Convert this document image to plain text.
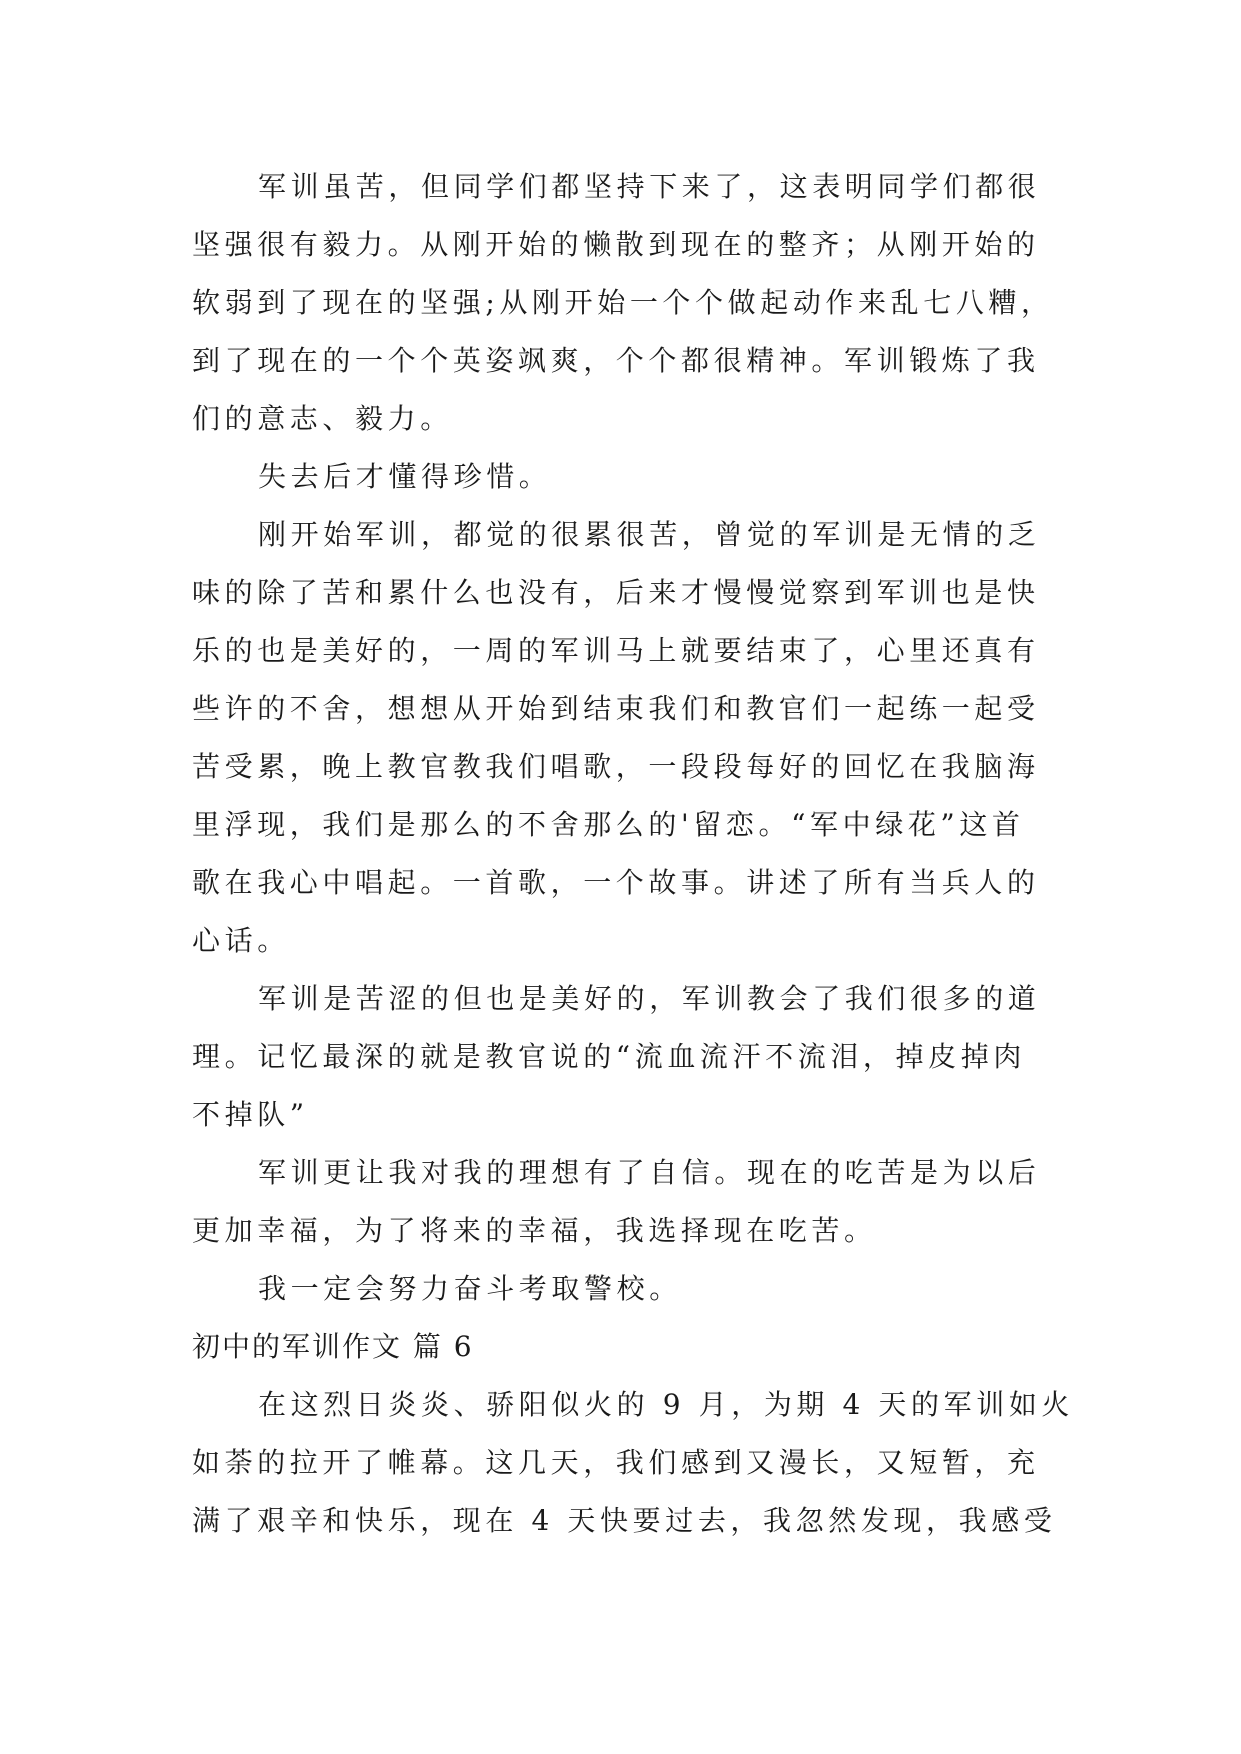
军训虽苦，但同学们都坚持下来了，这表明同学们都很
坚强很有毅力。从刚开始的懒散到现在的整齐；从刚开始的
软弱到了现在的坚强;从刚开始一个个做起动作来乱七八糟，
到了现在的一个个英姿飒爽，个个都很精神。军训锻炼了我
们的意志、毅力。
失去后才懂得珍惜。
刚开始军训，都觉的很累很苦，曾觉的军训是无情的乏
味的除了苦和累什么也没有，后来才慢慢觉察到军训也是快
乐的也是美好的，一周的军训马上就要结束了，心里还真有
些许的不舍，想想从开始到结束我们和教官们一起练一起受
苦受累，晚上教官教我们唱歌，一段段每好的回忆在我脑海
里浮现，我们是那么的不舍那么的'留恋。“军中绿花”这首
歌在我心中唱起。一首歌，一个故事。讲述了所有当兵人的
心话。
军训是苦涩的但也是美好的，军训教会了我们很多的道
理。记忆最深的就是教官说的“流血流汗不流泪，掉皮掉肉
不掉队”
军训更让我对我的理想有了自信。现在的吃苦是为以后
更加幸福，为了将来的幸福，我选择现在吃苦。
我一定会努力奋斗考取警校。
初中的军训作文 篇 6
在这烈日炎炎、骄阳似火的 9 月，为期 4 天的军训如火
如荼的拉开了帷幕。这几天，我们感到又漫长，又短暂，充
满了艰辛和快乐，现在 4 天快要过去，我忽然发现，我感受
